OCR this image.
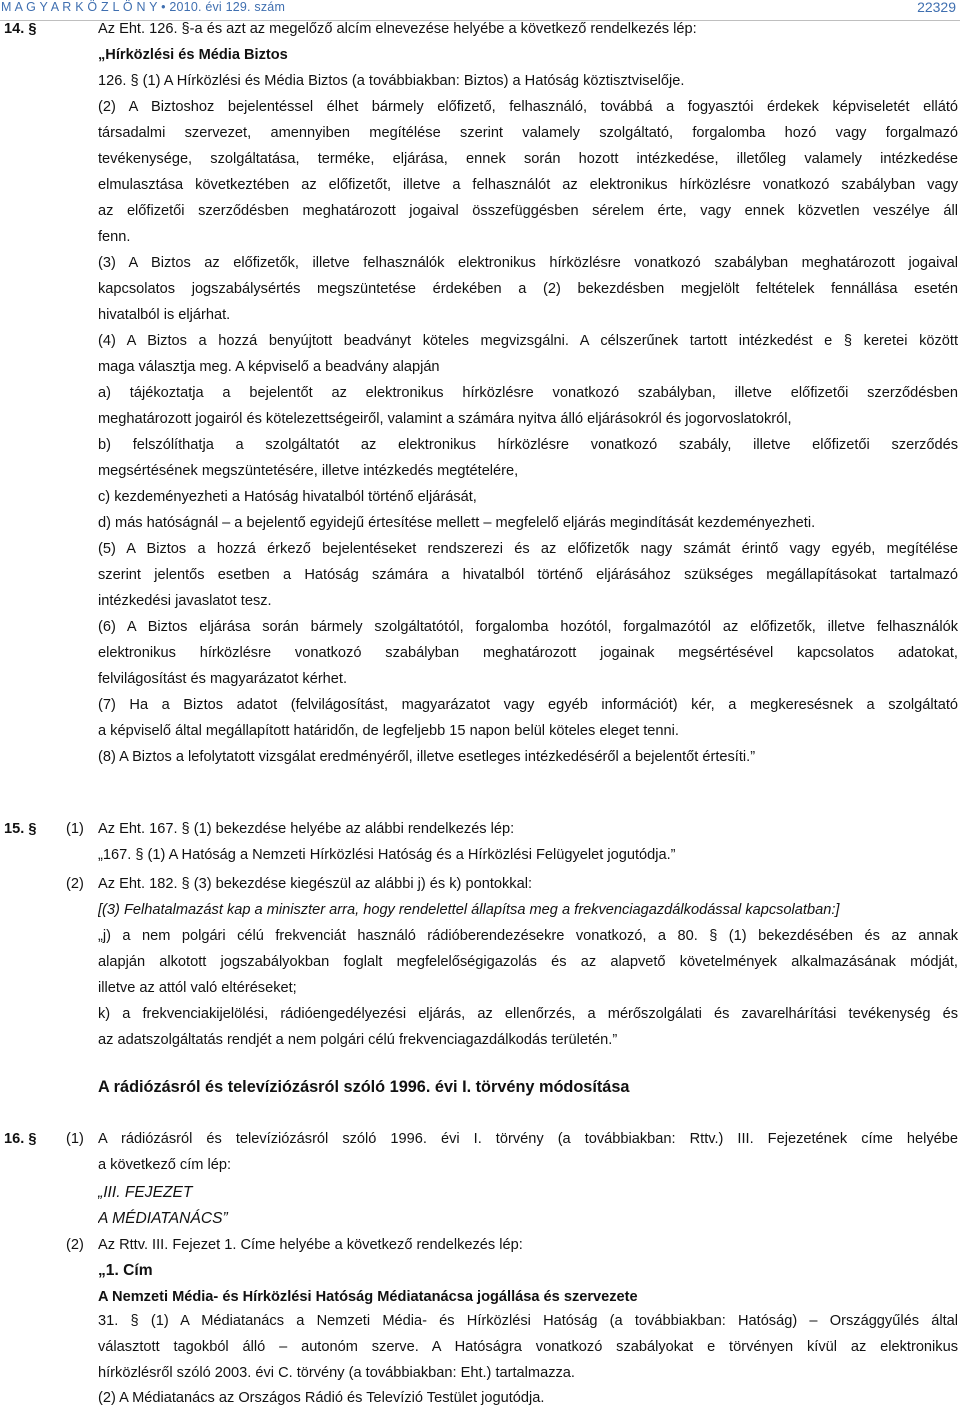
M A G Y A R K Ö Z L Ö N Y • 2010. évi 129. szám	22329
14. §
15. §
16. §
(1)
(2)
(1)
(2)
Az Eht. 126. §-a és azt az megelőző alcím elnevezése helyébe a következő rendelkezés lép:
„Hírközlési és Média Biztos
126. § (1) A Hírközlési és Média Biztos (a továbbiakban: Biztos) a Hatóság köztisztviselője.
(2) A Biztoshoz bejelentéssel élhet bármely előfizető, felhasználó, továbbá a fogyasztói érdekek képviseletét ellátó
társadalmi szervezet, amennyiben megítélése szerint valamely szolgáltató, forgalomba hozó vagy forgalmazó
tevékenysége, szolgáltatása, terméke, eljárása, ennek során hozott intézkedése, illetőleg valamely intézkedése
elmulasztása következtében az előfizetőt, illetve a felhasználót az elektronikus hírközlésre vonatkozó szabályban vagy
az előfizetői szerződésben meghatározott jogaival összefüggésben sérelem érte, vagy ennek közvetlen veszélye áll
fenn.
(3) A Biztos az előfizetők, illetve felhasználók elektronikus hírközlésre vonatkozó szabályban meghatározott jogaival
kapcsolatos jogszabálysértés megszüntetése érdekében a (2) bekezdésben megjelölt feltételek fennállása esetén
hivatalból is eljárhat.
(4) A Biztos a hozzá benyújtott beadványt köteles megvizsgálni. A célszerűnek tartott intézkedést e § keretei között
maga választja meg. A képviselő a beadvány alapján
a) tájékoztatja a bejelentőt az elektronikus hírközlésre vonatkozó szabályban, illetve előfizetői szerződésben
meghatározott jogairól és kötelezettségeiről, valamint a számára nyitva álló eljárásokról és jogorvoslatokról,
b) felszólíthatja a szolgáltatót az elektronikus hírközlésre vonatkozó szabály, illetve előfizetői szerződés
megsértésének megszüntetésére, illetve intézkedés megtételére,
c) kezdeményezheti a Hatóság hivatalból történő eljárását,
d) más hatóságnál – a bejelentő egyidejű értesítése mellett – megfelelő eljárás megindítását kezdeményezheti.
(5) A Biztos a hozzá érkező bejelentéseket rendszerezi és az előfizetők nagy számát érintő vagy egyéb, megítélése
szerint jelentős esetben a Hatóság számára a hivatalból történő eljárásához szükséges megállapításokat tartalmazó
intézkedési javaslatot tesz.
(6) A Biztos eljárása során bármely szolgáltatótól, forgalomba hozótól, forgalmazótól az előfizetők, illetve felhasználók
elektronikus hírközlésre vonatkozó szabályban meghatározott jogainak megsértésével kapcsolatos adatokat,
felvilágosítást és magyarázatot kérhet.
(7) Ha a Biztos adatot (felvilágosítást, magyarázatot vagy egyéb információt) kér, a megkeresésnek a szolgáltató
a képviselő által megállapított határidőn, de legfeljebb 15 napon belül köteles eleget tenni.
(8) A Biztos a lefolytatott vizsgálat eredményéről, illetve esetleges intézkedéséről a bejelentőt értesíti.”
Az Eht. 167. § (1) bekezdése helyébe az alábbi rendelkezés lép:
„167. § (1) A Hatóság a Nemzeti Hírközlési Hatóság és a Hírközlési Felügyelet jogutódja.”
Az Eht. 182. § (3) bekezdése kiegészül az alábbi j) és k) pontokkal:
[(3) Felhatalmazást kap a miniszter arra, hogy rendelettel állapítsa meg a frekvenciagazdálkodással kapcsolatban:]
„j) a nem polgári célú frekvenciát használó rádióberendezésekre vonatkozó, a 80. § (1) bekezdésében és az annak
alapján alkotott jogszabályokban foglalt megfelelőségigazolás és az alapvető követelmények alkalmazásának módját,
illetve az attól való eltéréseket;
k) a frekvenciakijelölési, rádióengedélyezési eljárás, az ellenőrzés, a mérőszolgálati és zavarelhárítási tevékenység és
az adatszolgáltatás rendjét a nem polgári célú frekvenciagazdálkodás területén.”
A rádiózásról és televíziózásról szóló 1996. évi I. törvény módosítása
A rádiózásról és televíziózásról szóló 1996. évi I. törvény (a továbbiakban: Rttv.) III. Fejezetének címe helyébe
a következő cím lép:
„III. FEJEZET
A MÉDIATANÁCS”
Az Rttv. III. Fejezet 1. Címe helyébe a következő rendelkezés lép:
„1. Cím
A Nemzeti Média- és Hírközlési Hatóság Médiatanácsa jogállása és szervezete
31. § (1) A Médiatanács a Nemzeti Média- és Hírközlési Hatóság (a továbbiakban: Hatóság) – Országgyűlés által
választott tagokból álló – autonóm szerve. A Hatóságra vonatkozó szabályokat e törvényen kívül az elektronikus
hírközlésről szóló 2003. évi C. törvény (a továbbiakban: Eht.) tartalmazza.
(2) A Médiatanács az Országos Rádió és Televízió Testület jogutódja.
